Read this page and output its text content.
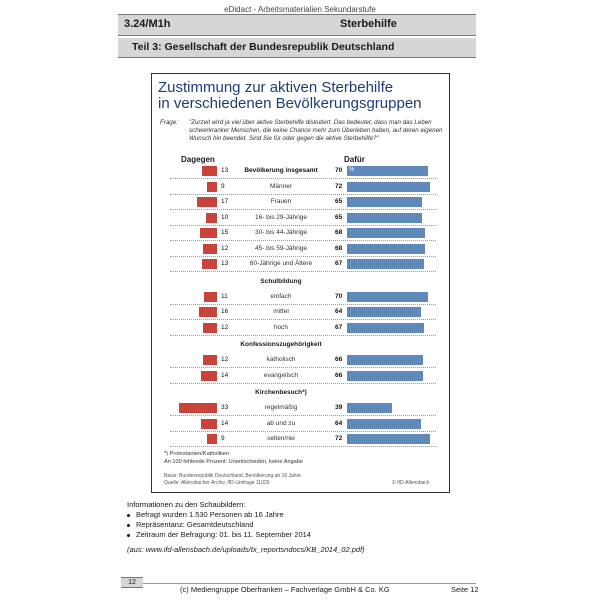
eDidact - Arbeitsmaterialien Sekundarstufe
3.24/M1h	Sterbehilfe
Teil 3: Gesellschaft der Bundesrepublik Deutschland
Zustimmung zur aktiven Sterbehilfe
in verschiedenen Bevölkerungsgruppen
Frage: "Zurzeit wird ja viel über aktive Sterbehilfe diskutiert. Das bedeutet, dass man das Leben schwerkranker Menschen, die keine Chance mehr zum Überleben haben, auf deren eigenen Wunsch hin beendet. Sind Sie für oder gegen die aktive Sterbehilfe?"
Dagegen	Dafür
13	Bevölkerung insgesamt	70 %
9	Männer	72
17	Frauen	65
10	16- bis 29-Jährige	65
15	30- bis 44-Jährige	68
12	45- bis 59-Jährige	68
13	60-Jährige und Ältere	67
Schulbildung
11	einfach	70
16	mittel	64
12	hoch	67
Konfessionszugehörigkeit
12	katholisch	66
14	evangelisch	66
Kirchenbesuch*)
33	regelmäßig	39
14	ab und zu	64
9	selten/nie	72
*) Protestanten/Katholiken
An 100 fehlende Prozent: Unentschieden, keine Angabe
Basis: Bundesrepublik Deutschland, Bevölkerung ab 16 Jahre
Quelle: Allensbacher Archiv, IfD-Umfrage 11029	© IfD-Allensbach
Informationen zu den Schaubildern:
Befragt wurden 1.530 Personen ab 16 Jahre
Repräsentanz: Gesamtdeutschland
Zeitraum der Befragung: 01. bis 11. September 2014
(aus: www.ifd-allensbach.de/uploads/tx_reportsndocs/KB_2014_02.pdf)
12
(c) Mediengruppe Oberfranken – Fachverlage GmbH & Co. KG	Seite 12
